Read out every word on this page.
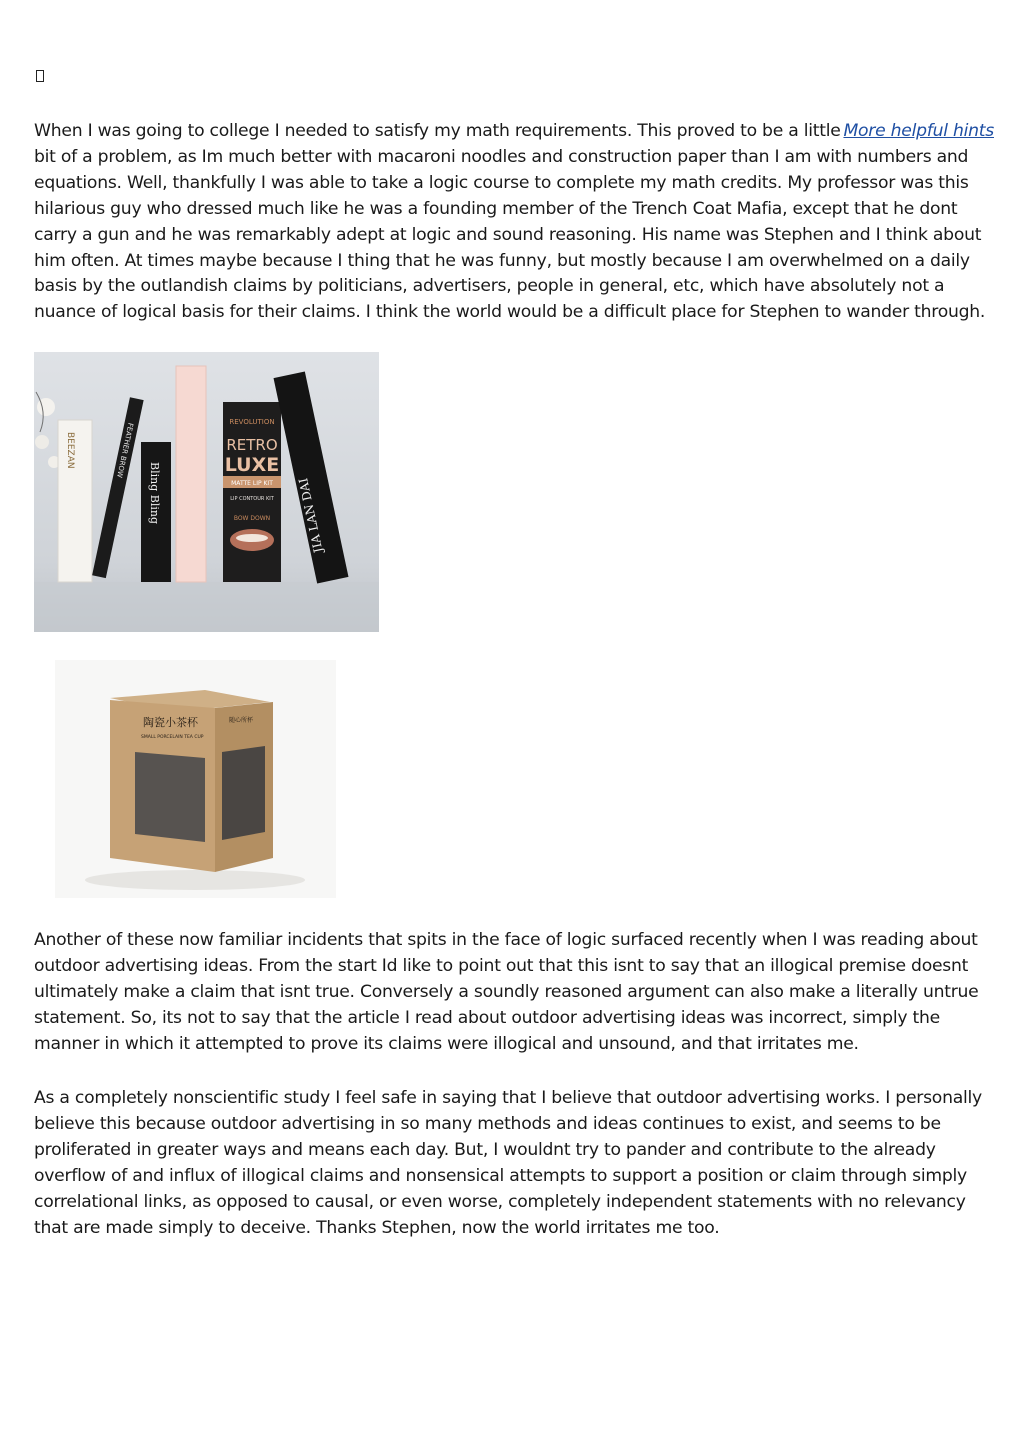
More helpful hints
When I was going to college I needed to satisfy my math requirements. This proved to be a little bit of a problem, as Im much better with macaroni noodles and construction paper than I am with numbers and equations. Well, thankfully I was able to take a logic course to complete my math credits. My professor was this hilarious guy who dressed much like he was a founding member of the Trench Coat Mafia, except that he dont carry a gun and he was remarkably adept at logic and sound reasoning. His name was Stephen and I think about him often. At times maybe because I thing that he was funny, but mostly because I am overwhelmed on a daily basis by the outlandish claims by politicians, advertisers, people in general, etc, which have absolutely not a nuance of logical basis for their claims. I think the world would be a difficult place for Stephen to wander through.

BEEZAN	FEATHER BROW
Bling Bling
REVOLUTION
RETRO
LUXE
MATTE LIP KIT
LIP CONTOUR KIT
BOW DOWN JIA LAN DAI
陶瓷小茶杯
SMALL PORCELAIN TEA CUP
随心所杯

Another of these now familiar incidents that spits in the face of logic surfaced recently when I was reading about outdoor advertising ideas. From the start Id like to point out that this isnt to say that an illogical premise doesnt ultimately make a claim that isnt true. Conversely a soundly reasoned argument can also make a literally untrue statement. So, its not to say that the article I read about outdoor advertising ideas was incorrect, simply the manner in which it attempted to prove its claims were illogical and unsound, and that irritates me.

As a completely nonscientific study I feel safe in saying that I believe that outdoor advertising works. I personally believe this because outdoor advertising in so many methods and ideas continues to exist, and seems to be proliferated in greater ways and means each day. But, I wouldnt try to pander and contribute to the already overflow of and influx of illogical claims and nonsensical attempts to support a position or claim through simply correlational links, as opposed to causal, or even worse, completely independent statements with no relevancy that are made simply to deceive. Thanks Stephen, now the world irritates me too.
